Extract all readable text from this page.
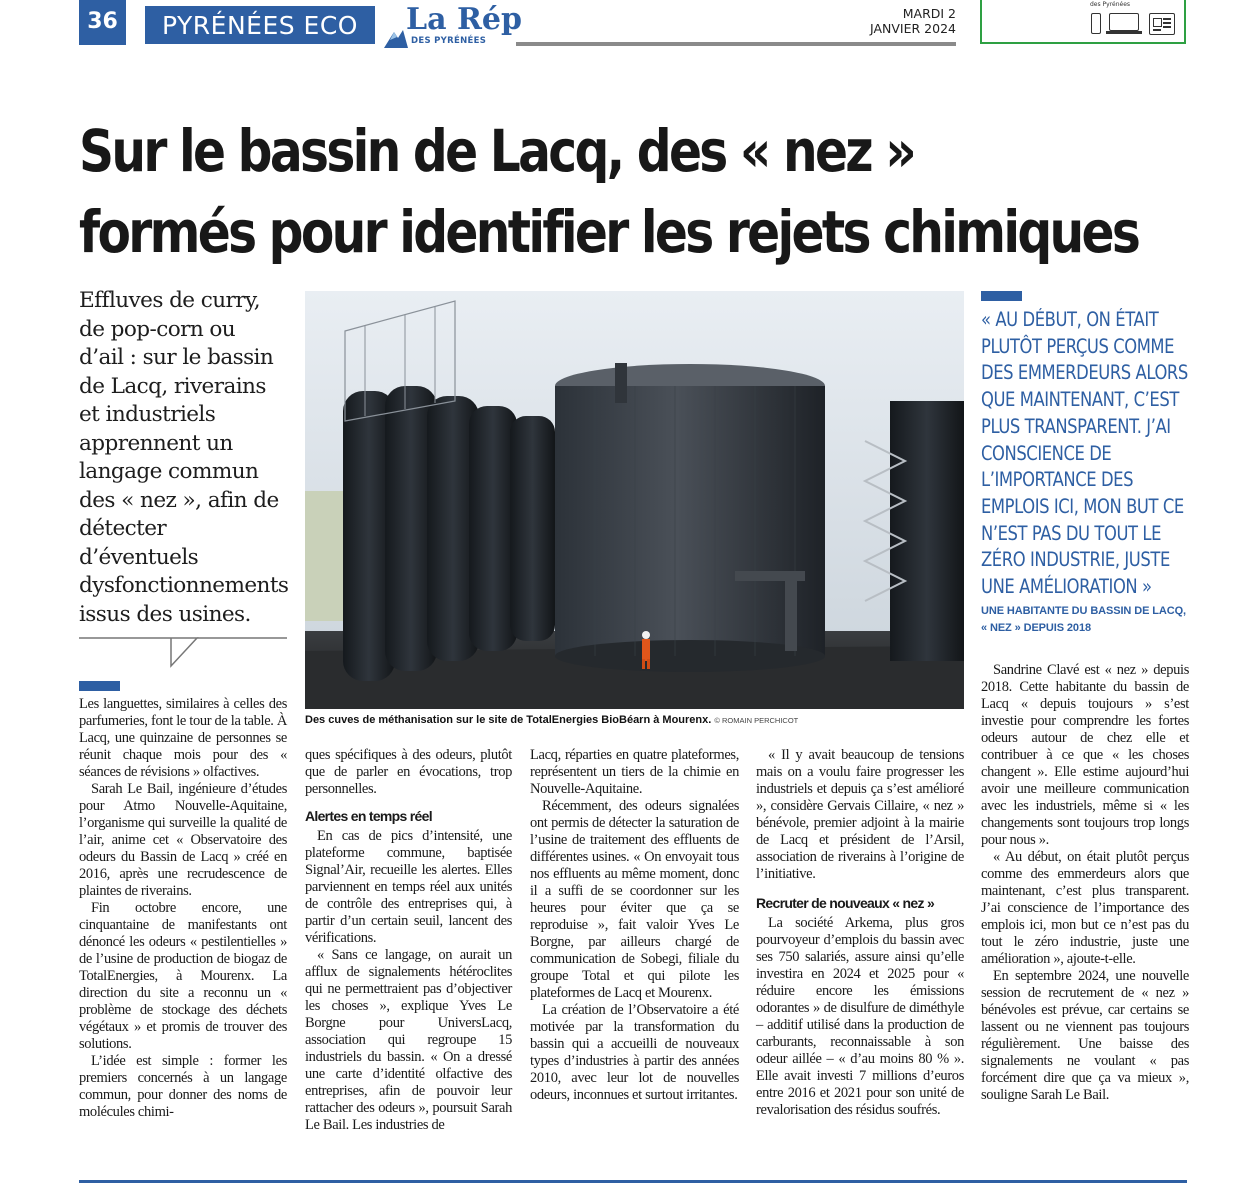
36	PYRÉNÉES ECO	La Rép
DES PYRÉNÉES
MARDI 2
JANVIER 2024
des Pyrénées
Sur le bassin de Lacq, des « nez »
formés pour identifier les rejets chimiques
Effluves de curry, de pop-corn ou d’ail : sur le bassin de Lacq, riverains et industriels apprennent un langage commun des « nez », afin de détecter d’éventuels dysfonctionnements issus des usines.
Des cuves de méthanisation sur le site de TotalEnergies BioBéarn à Mourenx. © ROMAIN PERCHICOT
« AU DÉBUT, ON ÉTAIT PLUTÔT PERÇUS COMME DES EMMERDEURS ALORS QUE MAINTENANT, C’EST PLUS TRANSPARENT. J’AI CONSCIENCE DE L’IMPORTANCE DES EMPLOIS ICI, MON BUT CE N’EST PAS DU TOUT LE ZÉRO INDUSTRIE, JUSTE UNE AMÉLIORATION »
UNE HABITANTE DU BASSIN DE LACQ,
« NEZ » DEPUIS 2018

Les languettes, similaires à celles des parfumeries, font le tour de la table. À Lacq, une quinzaine de personnes se réunit chaque mois pour des « séances de révisions » olfactives.

Sarah Le Bail, ingénieure d’études pour Atmo Nouvelle-Aquitaine, l’organisme qui surveille la qualité de l’air, anime cet « Observatoire des odeurs du Bassin de Lacq » créé en 2016, après une recrudescence de plaintes de riverains.

Fin octobre encore, une cinquantaine de manifestants ont dénoncé les odeurs « pestilentielles » de l’usine de production de biogaz de TotalEnergies, à Mourenx. La direction du site a reconnu un « problème de stockage des déchets végétaux » et promis de trouver des solutions.

L’idée est simple : former les premiers concernés à un langage commun, pour donner des noms de molécules chimi-

ques spécifiques à des odeurs, plutôt que de parler en évocations, trop personnelles.

Alertes en temps réel

En cas de pics d’intensité, une plateforme commune, baptisée Signal’Air, recueille les alertes. Elles parviennent en temps réel aux unités de contrôle des entreprises qui, à partir d’un certain seuil, lancent des vérifications.

« Sans ce langage, on aurait un afflux de signalements hétéroclites qui ne permettraient pas d’objectiver les choses », explique Yves Le Borgne pour UniversLacq, association qui regroupe 15 industriels du bassin. « On a dressé une carte d’identité olfactive des entreprises, afin de pouvoir leur rattacher des odeurs », poursuit Sarah Le Bail. Les industries de

Lacq, réparties en quatre plateformes, représentent un tiers de la chimie en Nouvelle-Aquitaine.

Récemment, des odeurs signalées ont permis de détecter la saturation de l’usine de traitement des effluents de différentes usines. « On envoyait tous nos effluents au même moment, donc il a suffi de se coordonner sur les heures pour éviter que ça se reproduise », fait valoir Yves Le Borgne, par ailleurs chargé de communication de Sobegi, filiale du groupe Total et qui pilote les plateformes de Lacq et Mourenx.

La création de l’Observatoire a été motivée par la transformation du bassin qui a accueilli de nouveaux types d’industries à partir des années 2010, avec leur lot de nouvelles odeurs, inconnues et surtout irritantes.

« Il y avait beaucoup de tensions mais on a voulu faire progresser les industriels et depuis ça s’est amélioré », considère Gervais Cillaire, « nez » bénévole, premier adjoint à la mairie de Lacq et président de l’Arsil, association de riverains à l’origine de l’initiative.

Recruter de nouveaux « nez »

La société Arkema, plus gros pourvoyeur d’emplois du bassin avec ses 750 salariés, assure ainsi qu’elle investira en 2024 et 2025 pour « réduire encore les émissions odorantes » de disulfure de diméthyle – additif utilisé dans la production de carburants, reconnaissable à son odeur aillée – « d’au moins 80 % ». Elle avait investi 7 millions d’euros entre 2016 et 2021 pour son unité de revalorisation des résidus soufrés.

Sandrine Clavé est « nez » depuis 2018. Cette habitante du bassin de Lacq « depuis toujours » s’est investie pour comprendre les fortes odeurs autour de chez elle et contribuer à ce que « les choses changent ». Elle estime aujourd’hui avoir une meilleure communication avec les industriels, même si « les changements sont toujours trop longs pour nous ».

« Au début, on était plutôt perçus comme des emmerdeurs alors que maintenant, c’est plus transparent. J’ai conscience de l’importance des emplois ici, mon but ce n’est pas du tout le zéro industrie, juste une amélioration », ajoute-t-elle.

En septembre 2024, une nouvelle session de recrutement de « nez » bénévoles est prévue, car certains se lassent ou ne viennent pas toujours régulièrement. Une baisse des signalements ne voulant « pas forcément dire que ça va mieux », souligne Sarah Le Bail.
